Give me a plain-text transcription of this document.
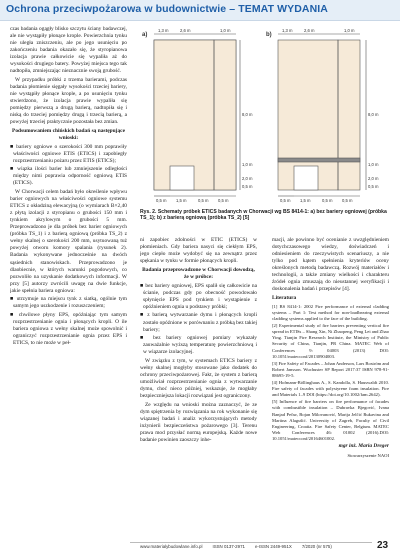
Ochrona przeciwpożarowa w budownictwie – TEMAT WYDANIA

czas badania ogągły blisko szczytu ściany badawczej, ale nie wystąpiły płonące krople. Powierzchnia tynku nie uległa zniszczeniu, ale po jego usunięciu po zakończeniu badania okazało się, że styropianowa izolacja prawie całkowicie się wypaliła aż do wysokości drugiego batery. Powyżej miejsca tego tak nadtopiła, zmniejszając nieznacznie swoją grubość.

W przypadku próbki z trzema barierami, podczas badania płomienie sięgały wysokości trzeciej bariery, nie wystąpiły płonące krople, a po usunięciu tynku stwierdzono, że izolacja prawie wypaliła się pomiędzy pierwszą a drugą barierą, nadtopiła się i niską do trzeciej pomiędzy drugą i trzecią barierą, a powyżej trzeciej praktycznie pozostała bez zmian.

Podsumowaniem chińskich badań są następujące wnioski:

■ bariery ogniowe o szerokości 300 mm poprawiły właściwości ogniowe ETIS (ETICS) i zapobiegły rozprzestrzenianiu pożaru przez ETIS (ETICS);

■ wiązka ilości barier lub zmniejszenie odległości między nimi poprawia odporność ogniową ETIS (ETICS).

W Chorwacji celem badań było określenie wpływu barier ogniowych na właściwości ogniowe systemu ETICS z okładziną elewacyjną (o wymiarach B×2,40 z płytą izolacji z styropianu o grubości 150 mm i tynkiem akrylowym o grubości 5 mm. Przeprowadzono je dla próbek bez barier ogniowych (próbka TS_1) i z barierą ogniową (próbka TS_2) z wełny skalnej o szerokości 200 mm, usytuowaną tuż powyżej otworu komory spalania (rysunek 2). Badania wykonywane jednocześnie na dwóch sąsiednich stanowiskach. Przeprowadzono je dlaobiecnie, w których warunki pogodowych, co pozwoliło na uzyskanie dodatkowych informacji. W przy [5] autorzy zwrócili uwagę na dwie funkcje, jakie spełnia bariera ogniowa:

■ utrzymuje na miejscu tynk z siatką, ogólnie tym samym jego uszkodzenie i rozuszczeniem;

■ chwilowe płyny EPS, opóźniając tym samym rozprzestrzenianie ognia i płonących kropli. O ile bariera ogniowa z wełny skalnej może spowolnić i ograniczyć rozprzestrzenianie ognia przez EPS i ETICS, to nie może w peł-

a)	b)
1,3 m	2,6 m	1,0 m
8,0 m
1,0 m
2,0 m
0,5 m
0,5 m 1,5 m	0,5 m 0,5 m
1,3 m	2,6 m	1,0 m
8,0 m
1,0 m
2,0 m
0,5 m
0,5 m 1,5 m	0,5 m 0,5 m
Rys. 2. Schematy próbek ETICS badanych w Chorwacji wg BS 8414-1: a) bez bariery ogniowej (próbka TS_1); b) z barierą ogniową (próbka TS_2) [5]

ni zapobiec zdolności w ETIC (ETICS) w płomieniach. Gdy bariera nasyci się ciekłym EPS, jego ciepło może wydobyć się na zewnątrz przez spękania w tynku w formie płonących kropli.

Badania przeprowadzone w Chorwacji dowodzą, że w próbce:

■ bez bariery ogniowej, EPS spalił się całkowicie na ścianie, podczas gdy po obecność powodowało spłynięcie EPS pod tynkiem i wystąpienie z opóźnieniem ognia u podstawy próbki;

■ z barierą wytwarzanie dymu i płonących kropli zostało opóźnione w porównaniu z próbką bez takiej bariery;

■ bez bariery ogniowej pomiary wykazały zauważalnie wyższą temperaturę powierzchniową i w wiązarze izolacyjnej.

W związku z tym, w systemach ETICS bariery z wełny skalnej mogłyby stosowane jako dodatek do ochrony przeciwpożarowej. Fakt, że system z barierą umożliwiał rozprzestrzenianie ognia z wytwarzanie dymu, choć nieco później, wskazuje, że mogłaby bezpieczniejsza lokacji rozwiązań jest ograniczony.

Ze względu na wnioski można zaznaczyć, że ze dym spiętrzenia by rozwiązania na rok wykonanie się wiązanej badań i analiz wykorzystujących metody inżynierii bezpieczeństwa pożarowego [3]. Terenu prawa mod przysłać normą europejską. Każde nowe badanie powinien zaoszczy inhe-

macji, ale powinno być ocenianie z uwzględnieniem dotychczasowego wiedzy, doświadczeń i odniesieniem do rzeczywistych scenariuszy, a nie tylko pod kątem spełnienia kryteriów oceny określonych metodą badawczą. Rozwój materiałów i technologii, a także zmiany wielkości i charakteru źródeł ognia zmuszają do nieustannej weryfikacji i doskonalenia badań i przepisów [4].

Literatura

[1] BS 8414-1: 2002 Fire performance of external cladding systems – Part 1: Test method for non-loadbearing external cladding systems applied to the face of the building.

[2] Experimental study of fire barriers preventing vertical fire spread in ETISs – Shang Xin, Ni Zhaopeng, Peng Lei and Zhao Ying. Tianjin Fire Research Institute, the Ministry of Public Security of China, Tianjin, PR China. MATEC Web of Conferences 9: 04003 (2013) DOI: 10.1051/matecconf/20130904003.

[3] Fire Safety of Facades – Johan Anderson, Lars Boström and Robert Jansson. Wuchuster SP Report 2017:37 ISBN 978-91-88695-19-5.

[4] Hofmann-Böllinghaus A., S. Kandolla, S. Hauswaldt 2010. Fire safety of facades with polystyrene foam insulation. Fire and Materials 1–9 DOI (https://doi.org/10.1002/fam.2642).

[5] Influence of fire barriers on fire performance of facades with combustible insulation – Dubravka Bjegović, Ivana Banjad Pečur, Bojan Milovanović, Marija Jelčić Rukavina and Martina Alagušić. University of Zagreb, Faculty of Civil Engineering, Croatia. Fire Safety Center, Belgium. MATEC Web Conferences 46: 01002 (2016).DOI: 10.1051/matecconf/20164601002.

mgr inż. Maria Dreger

Stowarzyszenie NAOI

www.materialybudowlane.info.pl ISSN 0137-2971 e-ISSN 2449-951X 7/2020 (nr 575)	23
